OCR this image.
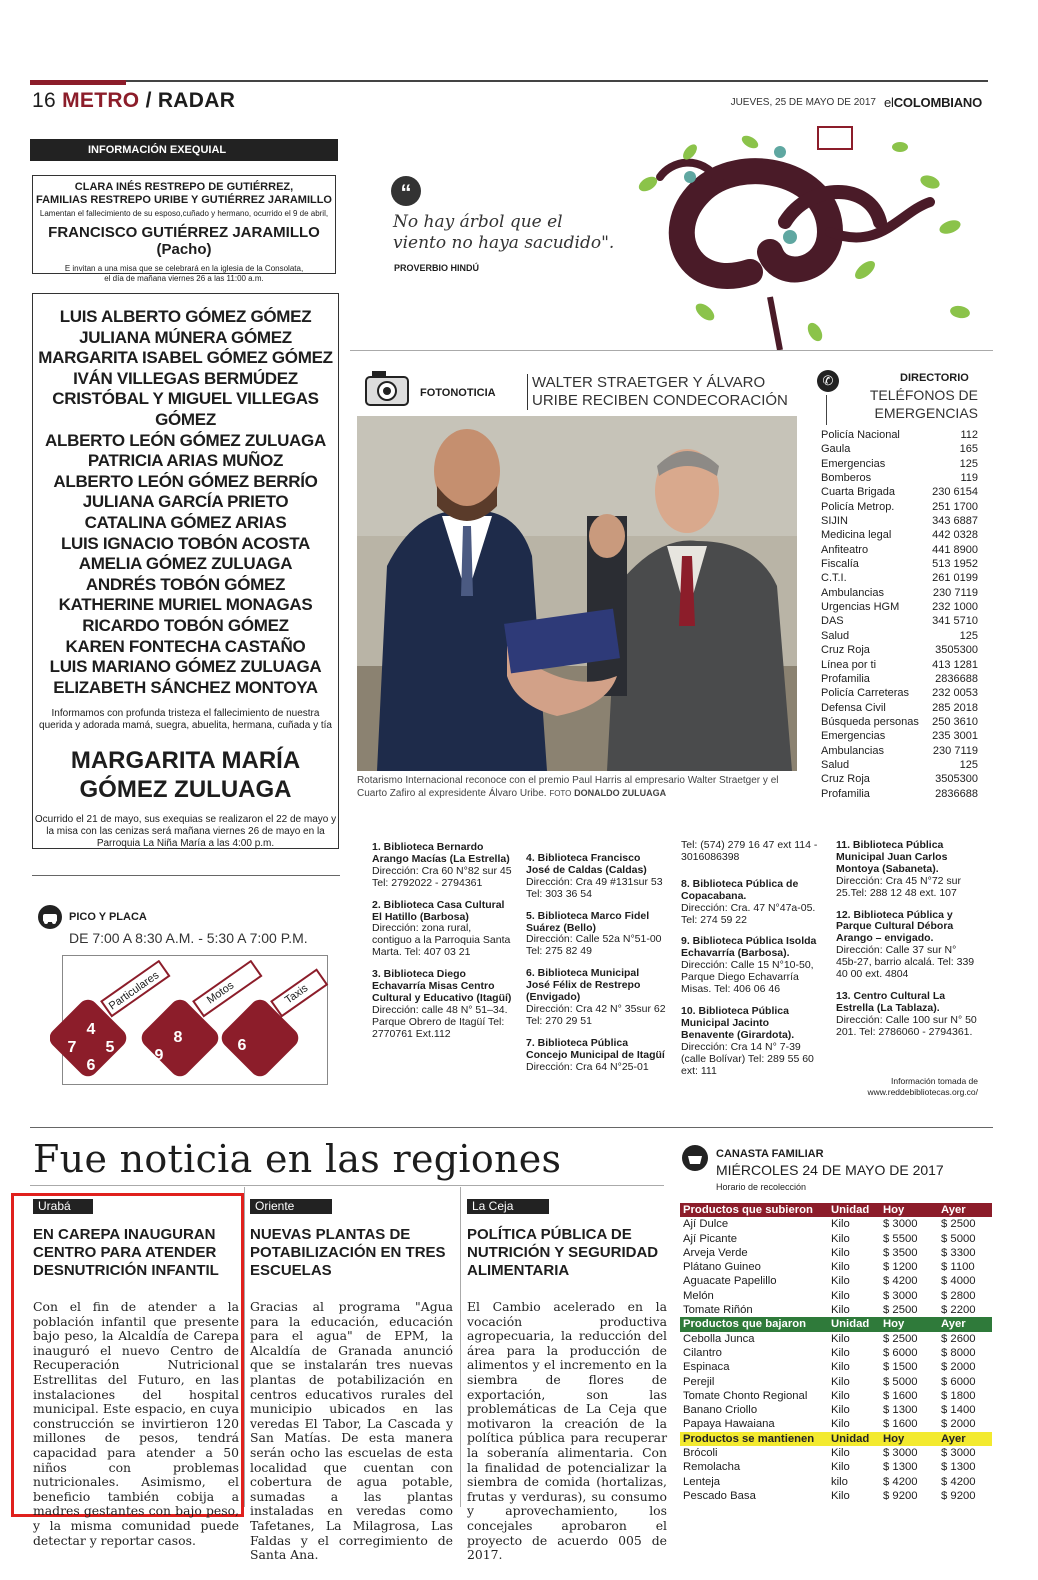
16 METRO / RADAR	JUEVES, 25 DE MAYO DE 2017 elCOLOMBIANO
INFORMACIÓN EXEQUIAL
CLARA INÉS RESTREPO DE GUTIÉRREZ,
FAMILIAS RESTREPO URIBE Y GUTIÉRREZ JARAMILLO
Lamentan el fallecimiento de su esposo,cuñado y hermano, ocurrido el 9 de abril,
FRANCISCO GUTIÉRREZ JARAMILLO (Pacho)
E invitan a una misa que se celebrará en la iglesia de la Consolata,
el día de mañana viernes 26 a las 11:00 a.m.
LUIS ALBERTO GÓMEZ GÓMEZ
JULIANA MÚNERA GÓMEZ
MARGARITA ISABEL GÓMEZ GÓMEZ
IVÁN VILLEGAS BERMÚDEZ
CRISTÓBAL Y MIGUEL VILLEGAS GÓMEZ
ALBERTO LEÓN GÓMEZ ZULUAGA
PATRICIA ARIAS MUÑOZ
ALBERTO LEÓN GÓMEZ BERRÍO
JULIANA GARCÍA PRIETO
CATALINA GÓMEZ ARIAS
LUIS IGNACIO TOBÓN ACOSTA
AMELIA GÓMEZ ZULUAGA
ANDRÉS TOBÓN GÓMEZ
KATHERINE MURIEL MONAGAS
RICARDO TOBÓN GÓMEZ
KAREN FONTECHA CASTAÑO
LUIS MARIANO GÓMEZ ZULUAGA
ELIZABETH SÁNCHEZ MONTOYA
Informamos con profunda tristeza el fallecimiento de nuestra querida y adorada mamá, suegra, abuelita, hermana, cuñada y tía
MARGARITA MARÍA
GÓMEZ ZULUAGA
Ocurrido el 21 de mayo, sus exequias se realizaron el 22 de mayo y la misa con las cenizas será mañana viernes 26 de mayo en la Parroquia La Niña María a las 4:00 p.m.
“
No hay árbol que el
viento no haya sacudido".
PROVERBIO HINDÚ
FOTONOTICIA
WALTER STRAETGER Y ÁLVARO
URIBE RECIBEN CONDECORACIÓN
Rotarismo Internacional reconoce con el premio Paul Harris al empresario Walter Straetger y el Cuarto Zafiro al expresidente Álvaro Uribe. FOTO DONALDO ZULUAGA
✆	DIRECTORIO
TELÉFONOS DE
EMERGENCIAS
Policía Nacional	112
Gaula	165
Emergencias	125
Bomberos	119
Cuarta Brigada	230 6154
Policía Metrop.	251 1700
SIJIN	343 6887
Medicina legal	442 0328
Anfiteatro	441 8900
Fiscalía	513 1952
C.T.I.	261 0199
Ambulancias	230 7119
Urgencias HGM	232 1000
DAS	341 5710
Salud	125
Cruz Roja	3505300
Línea por ti	413 1281
Profamilia	2836688
Policía Carreteras 232 0053
Defensa Civil	285 2018
Búsqueda personas 250 3610
Emergencias	235 3001
Ambulancias	230 7119
Salud	125
Cruz Roja	3505300
Profamilia	2836688
1. Biblioteca Bernardo Arango Macías (La Estrella)
Dirección: Cra 60 N°82 sur 45 Tel: 2792022 - 2794361
2. Biblioteca Casa Cultural El Hatillo (Barbosa)
Dirección: zona rural, contiguo a la Parroquia Santa Marta. Tel: 407 03 21
3. Biblioteca Diego Echavarría Misas Centro Cultural y Educativo (Itagüí)
Dirección: calle 48 N° 51–34. Parque Obrero de Itagüí Tel: 2770761 Ext.112
4. Biblioteca Francisco José de Caldas (Caldas)
Dirección: Cra 49 #131sur 53 Tel: 303 36 54
5. Biblioteca Marco Fidel Suárez (Bello)
Dirección: Calle 52a N°51-00 Tel: 275 82 49
6. Biblioteca Municipal José Félix de Restrepo (Envigado)
Dirección: Cra 42 N° 35sur 62 Tel: 270 29 51
7. Biblioteca Pública Concejo Municipal de Itagüí
Dirección: Cra 64 N°25-01
Tel: (574) 279 16 47 ext 114 - 3016086398
8. Biblioteca Pública de Copacabana.
Dirección: Cra. 47 N°47a-05. Tel: 274 59 22
9. Biblioteca Pública Isolda Echavarría (Barbosa).
Dirección: Calle 15 N°10-50, Parque Diego Echavarría Misas. Tel: 406 06 46
10. Biblioteca Pública Municipal Jacinto Benavente (Girardota).
Dirección: Cra 14 N° 7-39 (calle Bolívar) Tel: 289 55 60 ext: 111
11. Biblioteca Pública Municipal Juan Carlos Montoya (Sabaneta).
Dirección: Cra 45 N°72 sur 25.Tel: 288 12 48 ext. 107
12. Biblioteca Pública y Parque Cultural Débora Arango – envigado.
Dirección: Calle 37 sur N° 45b-27, barrio alcalá. Tel: 339 40 00 ext. 4804
13. Centro Cultural La Estrella (La Tablaza).
Dirección: Calle 100 sur N° 50 201. Tel: 2786060 - 2794361.
Información tomada de
www.reddebibliotecas.org.co/
PICO Y PLACA
DE 7:00 A 8:30 A.M. - 5:30 A 7:00 P.M.
4
7 5
6
8
9
6
Particulares	Motos	Taxis
Fue noticia en las regiones
Urabá
EN CAREPA INAUGURAN CENTRO PARA ATENDER DESNUTRICIÓN INFANTIL
Con el fin de atender a la población infantil que presente bajo peso, la Alcaldía de Carepa inauguró el nuevo Centro de Recuperación Nutricional Estrellitas del Futuro, en las instalaciones del hospital municipal. Este espacio, en cuya construcción se invirtieron 120 millones de pesos, tendrá capacidad para atender a 50 niños con problemas nutricionales. Asimismo, el beneficio también cobija a madres gestantes con bajo peso, y la misma comunidad puede detectar y reportar casos.
Oriente
NUEVAS PLANTAS DE POTABILIZACIÓN EN TRES ESCUELAS
Gracias al programa "Agua para la educación, educación para el agua" de EPM, la Alcaldía de Granada anunció que se instalarán tres nuevas plantas de potabilización en centros educativos rurales del municipio ubicados en las veredas El Tabor, La Cascada y San Matías. De esta manera serán ocho las escuelas de esta localidad que cuentan con cobertura de agua potable, sumadas a las plantas instaladas en veredas como Tafetanes, La Milagrosa, Las Faldas y el corregimiento de Santa Ana.
La Ceja
POLÍTICA PÚBLICA DE NUTRICIÓN Y SEGURIDAD ALIMENTARIA
El Cambio acelerado en la vocación productiva agropecuaria, la reducción del área para la producción de alimentos y el incremento en la siembra de flores de exportación, son las problemáticas de La Ceja que motivaron la creación de la política pública para recuperar la soberanía alimentaria. Con la finalidad de potencializar la siembra de comida (hortalizas, frutas y verduras), su consumo y aprovechamiento, los concejales aprobaron el proyecto de acuerdo 005 de 2017.
CANASTA FAMILIAR
MIÉRCOLES 24 DE MAYO DE 2017
Horario de recolección
Productos que subieron	Unidad	Hoy	Ayer
Ají Dulce	Kilo	$ 3000	$ 2500
Ají Picante	Kilo	$ 5500	$ 5000
Arveja Verde	Kilo	$ 3500	$ 3300
Plátano Guineo	Kilo	$ 1200	$ 1100
Aguacate Papelillo	Kilo	$ 4200	$ 4000
Melón	Kilo	$ 3000	$ 2800
Tomate Riñón	Kilo	$ 2500	$ 2200
Productos que bajaron	Unidad	Hoy	Ayer
Cebolla Junca	Kilo	$ 2500	$ 2600
Cilantro	Kilo	$ 6000	$ 8000
Espinaca	Kilo	$ 1500	$ 2000
Perejil	Kilo	$ 5000	$ 6000
Tomate Chonto Regional	Kilo	$ 1600	$ 1800
Banano Criollo	Kilo	$ 1300	$ 1400
Papaya Hawaiana	Kilo	$ 1600	$ 2000
Productos se mantienen	Unidad	Hoy	Ayer
Brócoli	Kilo	$ 3000	$ 3000
Remolacha	Kilo	$ 1300	$ 1300
Lenteja	kilo	$ 4200	$ 4200
Pescado Basa	Kilo	$ 9200	$ 9200
